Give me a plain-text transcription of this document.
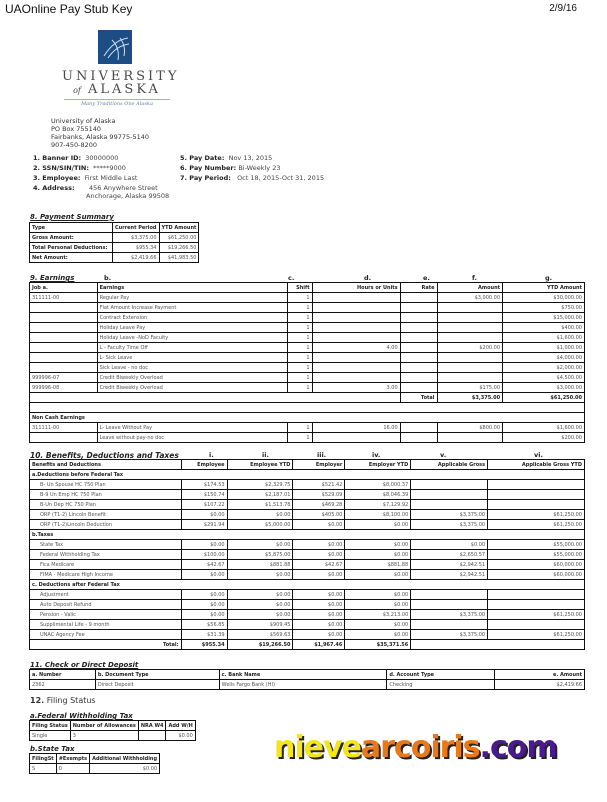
UAOnline Pay Stub Key	2/9/16
UNIVERSITY
of ALASKA
Many Traditions One Alaska
University of Alaska
PO Box 755140
Fairbanks, Alaska 99775-5140
907-450-8200
1. Banner ID: 30000000
2. SSN/SIN/TIN: *****9000
3. Employee: First Middle Last
4. Address: 456 Anywhere Street
Anchorage, Alaska 99508
5. Pay Date: Nov 13, 2015
6. Pay Number: Bi-Weekly 23
7. Pay Period: Oct 18, 2015-Oct 31, 2015
8. Payment Summary
Type	Current Period	YTD Amount
Gross Amount:	$3,375.00	$61,250.00
Total Personal Deductions:	$955.34	$19,266.50
Net Amount:	$2,419.66	$41,983.50
9. Earnings	b.	c.	d.	e.	f.	g.
Job a.	Earnings	Shift	Hours or Units	Rate	Amount	YTD Amount
311111-00	Regular Pay	1			$3,000.00	$30,000.00
	Flat Amount Increase Payment	1				$750.00
	Contract Extension	1				$15,000.00
	Holiday Leave Pay	1				$400.00
	Holiday Leave -NoD Faculty	1				$1,600.00
	L - Faculty Time Off	1	4.00		$200.00	$1,000.00
	L- Sick Leave	1				$4,000.00
	Sick Leave - no doc	1				$2,000.00
999996-07	Credit Biweekly Overload	1				$4,500.00
999996-08	Credit Biweekly Overload	1	3.00		$175.00	$3,000.00
				Total	$3,375.00	$61,250.00

Non Cash Earnings						
311111-00	L- Leave Without Pay	1	16.00		$800.00	$1,600.00
	Leave without pay-no doc	1				$200.00
10. Benefits, Deductions and Taxes	i.	ii.	iii.	iv.	v.	vi.
Benefits and Deductions	Employee	Employee YTD	Employer	Employer YTD	Applicable Gross	Applicable Gross YTD
a.Deductions before Federal Tax						
B- Un Spouse HC 750 Plan	$174.53	$2,329.75	$521.42	$8,000.37		
B-9 Un Emp HC 750 Plan	$150.74	$2,187.01	$529.09	$8,046.39		
B-Un Dep HC 750 Plan	$107.22	$1,513.78	$469.28	$7,129.92		
ORP (T1-2) Lincoln Benefit	$0.00	$0.00	$405.00	$8,100.00	$3,375.00	$61,250.00
ORP (T1-2)Lincoln Deduction	$291.94	$5,000.00	$0.00	$0.00	$3,375.00	$61,250.00
b.Taxes						
State Tax	$0.00	$0.00	$0.00	$0.00	$0.00	$55,000.00
Federal Withholding Tax	$100.00	$5,875.00	$0.00	$0.00	$2,650.57	$55,000.00
Fica Medicare	$42.67	$881.88	$42.67	$881.88	$2,942.51	$60,000.00
FIMA - Medicare High Income	$0.00	$0.00	$0.00	$0.00	$2,942.51	$60,000.00
c. Deductions after Federal Tax						
Adjustment	$0.00	$0.00	$0.00	$0.00		
Auto Deposit Refund	$0.00	$0.00	$0.00	$0.00		
Pension - Valic	$0.00	$0.00	$0.00	$3,213.00	$3,375.00	$61,250.00
Supplimental Life - 9 month	$56.85	$909.45	$0.00	$0.00		
UNAC Agency Fee	$31.39	$569.63	$0.00	$0.00	$3,375.00	$61,250.00
Total:	$955.34	$19,266.50	$1,967.46	$35,371.56		
11. Check or Direct Deposit
a. Number	b. Document Type	c. Bank Name	d. Account Type	e. Amount
2362	Direct Deposit	Wells Fargo Bank (HI)	Checking	$2,419.66
12. Filing Status
a.Federal Withholding Tax
Filing Status	Number of Allowances	NRA W4	Add W/H
Single	3		$0.00
b.State Tax
FilingSt	#Exempts	Additional Withholding
S	0	$0.00
nievearcoiris.com
